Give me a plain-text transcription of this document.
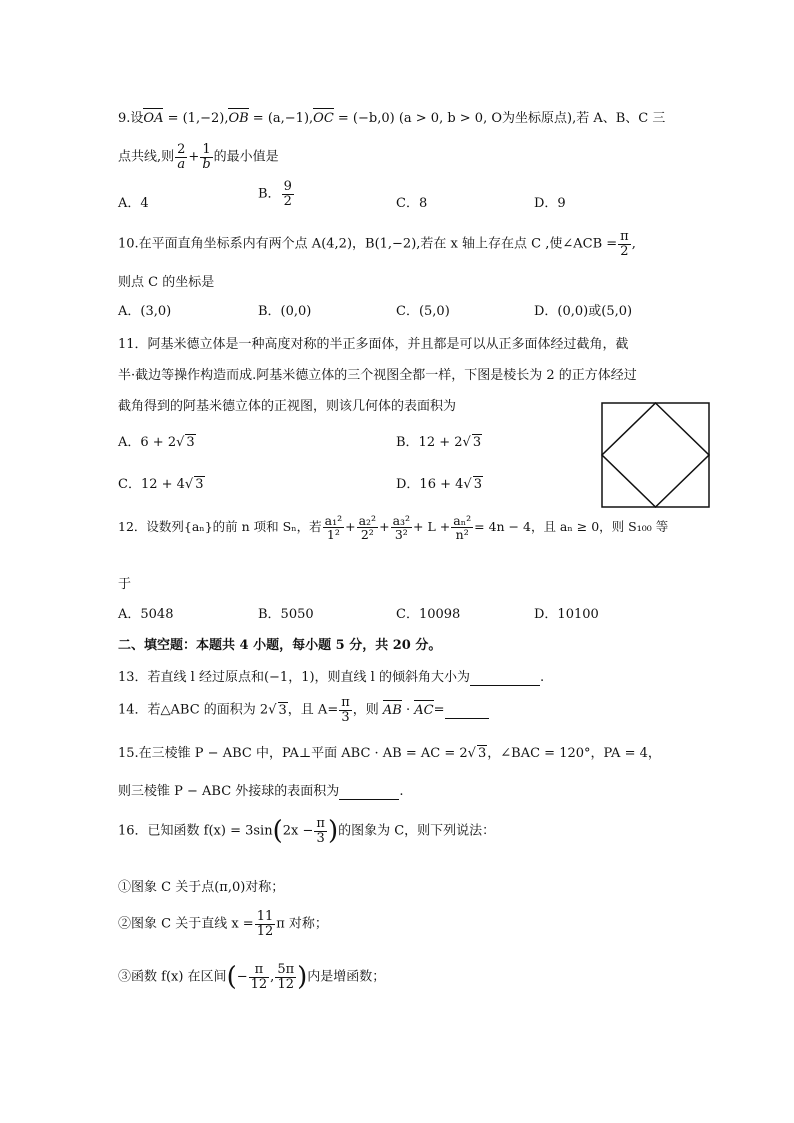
9.设OA = (1,−2),OB = (a,−1),OC = (−b,0) (a > 0, b > 0, O为坐标原点),若 A、B、C 三
点共线,则 $\frac{2}{a} + \frac{1}{b}$ 的最小值是
A．4
B． $\frac{9}{2}$	C．8	D．9
10.在平面直角坐标系内有两个点 A(4,2)，B(1,−2),若在 x 轴上存在点 C ,使∠ACB = $\frac{\pi}{2}$ ,
则点 C 的坐标是
A．(3,0)	B．(0,0)	C．(5,0)	D．(0,0)或(5,0)
11．阿基米德立体是一种高度对称的半正多面体，并且都是可以从正多面体经过截角，截
半·截边等操作构造而成.阿基米德立体的三个视图全都一样，下图是棱长为 2 的正方体经过
截角得到的阿基米德立体的正视图，则该几何体的表面积为
A．6 + 2√ 3	B．12 + 2√ 3
C．12 + 4√ 3	D．16 + 4√ 3
12．设数列{aₙ}的前 n 项和 Sₙ，若 $\frac{\text{a₁²}}{\text{1²}} + \frac{\text{a₂²}}{\text{2²}} + \frac{\text{a₃²}}{\text{3²}} + L + \frac{\text{aₙ²}}{\text{n²}} = 4n - 4$，且 aₙ ≥ 0，则 S₁₀₀ 等
于
A．5048	B．5050	C．10098	D．10100
二、填空题：本题共 4 小题，每小题 5 分，共 20 分。
13．若直线 l 经过原点和(−1，1)，则直线 l 的倾斜角大小为	.
14．若△ABC 的面积为 2√ 3，且 $A= \frac{\pi}{3}$ ，则 AB · AC=
15.在三棱锥 P − ABC 中，PA⊥平面 ABC · AB = AC = 2√ 3，∠BAC = 120°，PA = 4，
则三棱锥 P − ABC 外接球的表面积为	.
16．已知函数 $f(x) = 3\sin(2x - \frac{\pi}{3}$ )的图象为 C，则下列说法：
①图象 C 关于点(π,0)对称；
②图象 C 关于直线 $x = \frac{11}{12}$ π 对称；
③函数 f(x) 在区间(− $\frac{\pi}{12}$ , $\frac{5\pi}{12}$ )内是增函数；
